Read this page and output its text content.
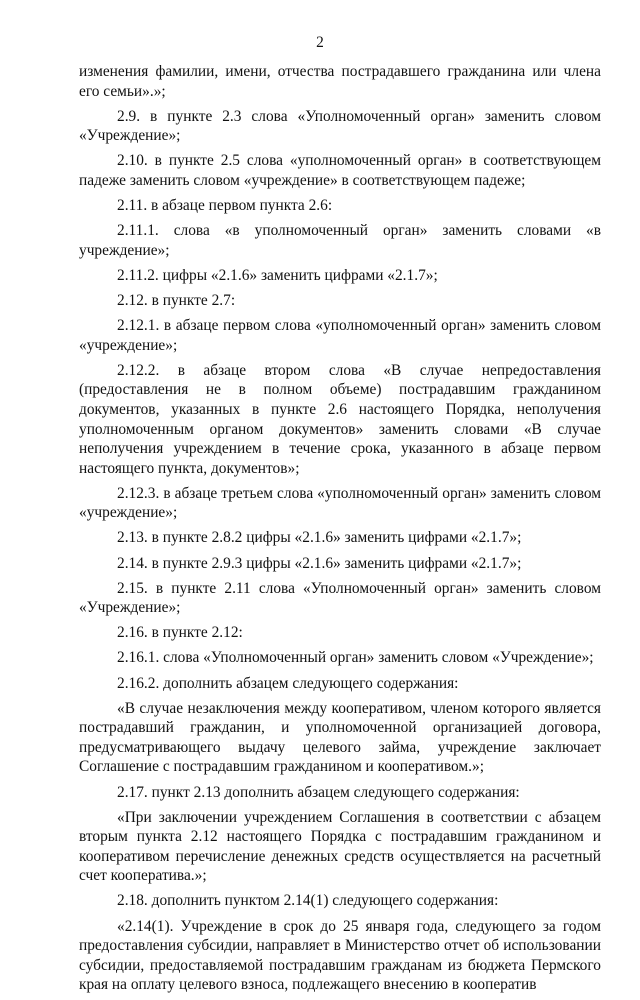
2

изменения фамилии, имени, отчества пострадавшего гражданина или члена его семьи».»;

2.9. в пункте 2.3 слова «Уполномоченный орган» заменить словом «Учреждение»;

2.10. в пункте 2.5 слова «уполномоченный орган» в соответствующем падеже заменить словом «учреждение» в соответствующем падеже;

2.11. в абзаце первом пункта 2.6:

2.11.1. слова «в уполномоченный орган» заменить словами «в учреждение»;

2.11.2. цифры «2.1.6» заменить цифрами «2.1.7»;

2.12. в пункте 2.7:

2.12.1. в абзаце первом слова «уполномоченный орган» заменить словом «учреждение»;

2.12.2. в абзаце втором слова «В случае непредоставления (предоставления не в полном объеме) пострадавшим гражданином документов, указанных в пункте 2.6 настоящего Порядка, неполучения уполномоченным органом документов» заменить словами «В случае неполучения учреждением в течение срока, указанного в абзаце первом настоящего пункта, документов»;

2.12.3. в абзаце третьем слова «уполномоченный орган» заменить словом «учреждение»;

2.13. в пункте 2.8.2 цифры «2.1.6» заменить цифрами «2.1.7»;

2.14. в пункте 2.9.3 цифры «2.1.6» заменить цифрами «2.1.7»;

2.15. в пункте 2.11 слова «Уполномоченный орган» заменить словом «Учреждение»;

2.16. в пункте 2.12:

2.16.1. слова «Уполномоченный орган» заменить словом «Учреждение»;

2.16.2. дополнить абзацем следующего содержания:

«В случае незаключения между кооперативом, членом которого является пострадавший гражданин, и уполномоченной организацией договора, предусматривающего выдачу целевого займа, учреждение заключает Соглашение с пострадавшим гражданином и кооперативом.»;

2.17. пункт 2.13 дополнить абзацем следующего содержания:

«При заключении учреждением Соглашения в соответствии с абзацем вторым пункта 2.12 настоящего Порядка с пострадавшим гражданином и кооперативом перечисление денежных средств осуществляется на расчетный счет кооператива.»;

2.18. дополнить пунктом 2.14(1) следующего содержания:

«2.14(1). Учреждение в срок до 25 января года, следующего за годом предоставления субсидии, направляет в Министерство отчет об использовании субсидии, предоставляемой пострадавшим гражданам из бюджета Пермского края на оплату целевого взноса, подлежащего внесению в кооператив
